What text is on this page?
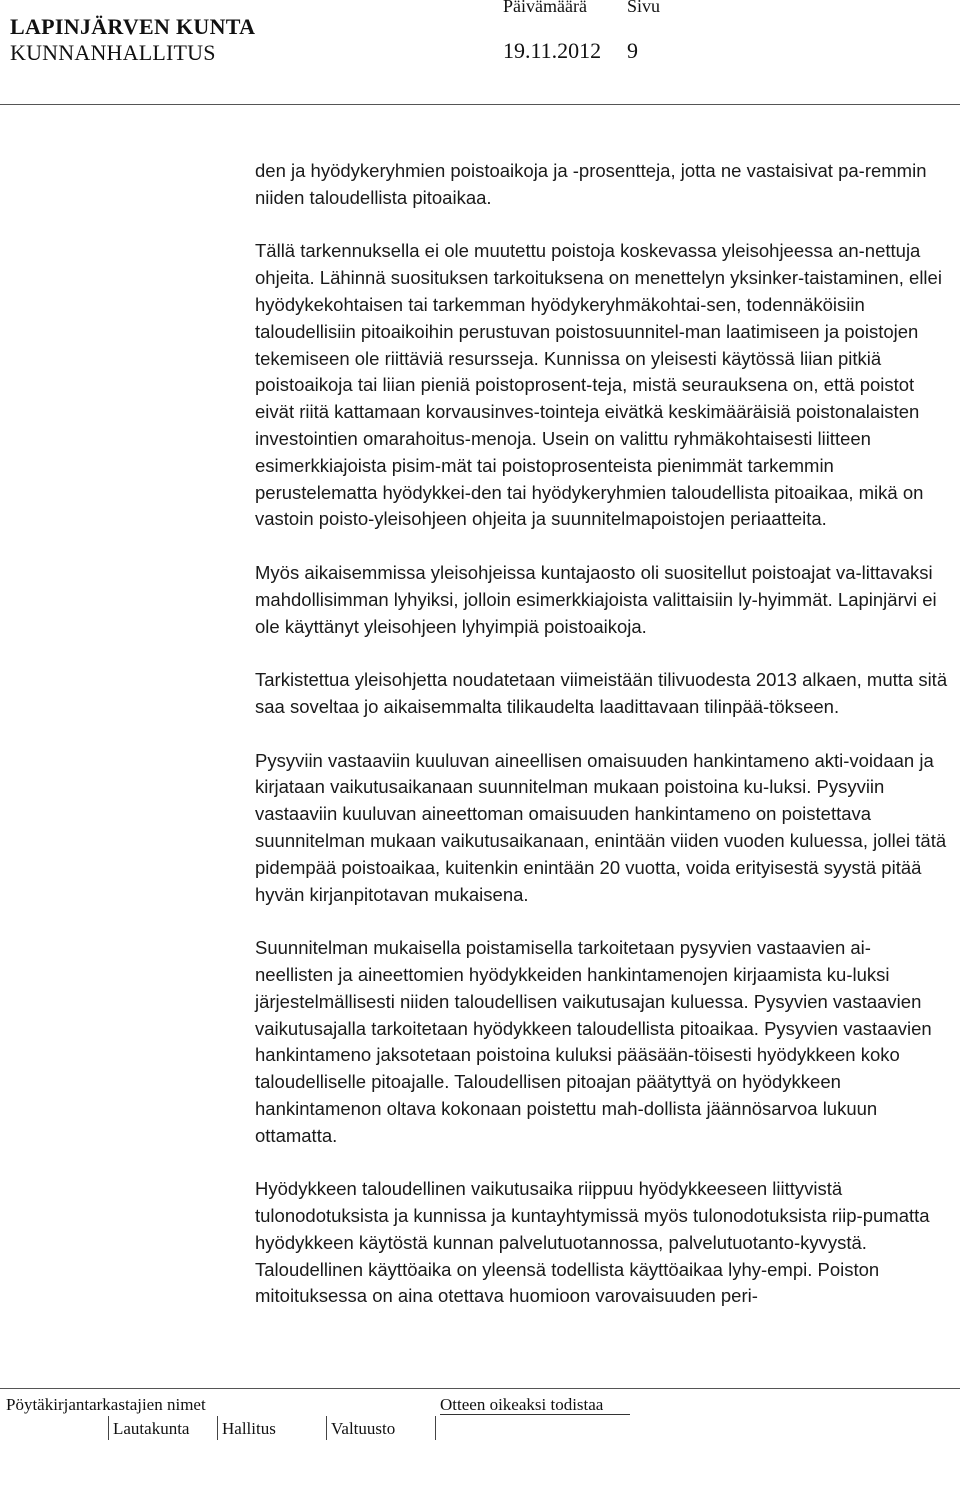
LAPINJÄRVEN KUNTA
KUNNANHALLITUS
Päivämäärä Sivu
19.11.2012 9

den ja hyödykeryhmien poistoaikoja ja -prosentteja, jotta ne vastaisivat pa-remmin niiden taloudellista pitoaikaa.

Tällä tarkennuksella ei ole muutettu poistoja koskevassa yleisohjeessa an-nettuja ohjeita. Lähinnä suosituksen tarkoituksena on menettelyn yksinker-taistaminen, ellei hyödykekohtaisen tai tarkemman hyödykeryhmäkohtai-sen, todennäköisiin taloudellisiin pitoaikoihin perustuvan poistosuunnitel-man laatimiseen ja poistojen tekemiseen ole riittäviä resursseja. Kunnissa on yleisesti käytössä liian pitkiä poistoaikoja tai liian pieniä poistoprosent-teja, mistä seurauksena on, että poistot eivät riitä kattamaan korvausinves-tointeja eivätkä keskimääräisiä poistonalaisten investointien omarahoitus-menoja. Usein on valittu ryhmäkohtaisesti liitteen esimerkkiajoista pisim-mät tai poistoprosenteista pienimmät tarkemmin perustelematta hyödykkei-den tai hyödykeryhmien taloudellista pitoaikaa, mikä on vastoin poisto-yleisohjeen ohjeita ja suunnitelmapoistojen periaatteita.

Myös aikaisemmissa yleisohjeissa kuntajaosto oli suositellut poistoajat va-littavaksi mahdollisimman lyhyiksi, jolloin esimerkkiajoista valittaisiin ly-hyimmät. Lapinjärvi ei ole käyttänyt yleisohjeen lyhyimpiä poistoaikoja.

Tarkistettua yleisohjetta noudatetaan viimeistään tilivuodesta 2013 alkaen, mutta sitä saa soveltaa jo aikaisemmalta tilikaudelta laadittavaan tilinpää-tökseen.

Pysyviin vastaaviin kuuluvan aineellisen omaisuuden hankintameno akti-voidaan ja kirjataan vaikutusaikanaan suunnitelman mukaan poistoina ku-luksi. Pysyviin vastaaviin kuuluvan aineettoman omaisuuden hankintameno on poistettava suunnitelman mukaan vaikutusaikanaan, enintään viiden vuoden kuluessa, jollei tätä pidempää poistoaikaa, kuitenkin enintään 20 vuotta, voida erityisestä syystä pitää hyvän kirjanpitotavan mukaisena.

Suunnitelman mukaisella poistamisella tarkoitetaan pysyvien vastaavien ai-neellisten ja aineettomien hyödykkeiden hankintamenojen kirjaamista ku-luksi järjestelmällisesti niiden taloudellisen vaikutusajan kuluessa. Pysyvien vastaavien vaikutusajalla tarkoitetaan hyödykkeen taloudellista pitoaikaa. Pysyvien vastaavien hankintameno jaksotetaan poistoina kuluksi pääsään-töisesti hyödykkeen koko taloudelliselle pitoajalle. Taloudellisen pitoajan päätyttyä on hyödykkeen hankintamenon oltava kokonaan poistettu mah-dollista jäännösarvoa lukuun ottamatta.

Hyödykkeen taloudellinen vaikutusaika riippuu hyödykkeeseen liittyvistä tulonodotuksista ja kunnissa ja kuntayhtymissä myös tulonodotuksista riip-pumatta hyödykkeen käytöstä kunnan palvelutuotannossa, palvelutuotanto-kyvystä. Taloudellinen käyttöaika on yleensä todellista käyttöaikaa lyhy-empi. Poiston mitoituksessa on aina otettava huomioon varovaisuuden peri-

Pöytäkirjantarkastajien nimet	Otteen oikeaksi todistaa
Lautakunta Hallitus	Valtuusto
